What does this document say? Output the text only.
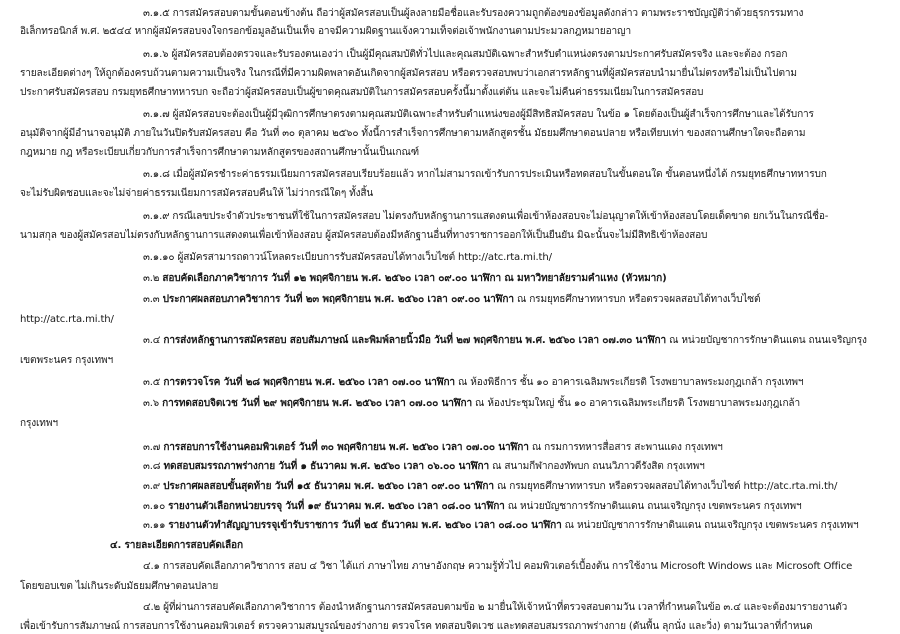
๓.๑.๕ การสมัครสอบตามขั้นตอนข้างต้น ถือว่าผู้สมัครสอบเป็นผู้ลงลายมือชื่อและรับรองความถูกต้องของข้อมูลดังกล่าว ตามพระราชบัญญัติว่าด้วยธุรกรรมทาง
อิเล็กทรอนิกส์ พ.ศ. ๒๕๔๔ หากผู้สมัครสอบจงใจกรอกข้อมูลอันเป็นเท็จ อาจมีความผิดฐานแจ้งความเท็จต่อเจ้าพนักงานตามประมวลกฎหมายอาญา
๓.๑.๖ ผู้สมัครสอบต้องตรวจและรับรองตนเองว่า เป็นผู้มีคุณสมบัติทั่วไปและคุณสมบัติเฉพาะสำหรับตำแหน่งตรงตามประกาศรับสมัครจริง และจะต้อง กรอก
รายละเอียดต่างๆ ให้ถูกต้องครบถ้วนตามความเป็นจริง ในกรณีที่มีความผิดพลาดอันเกิดจากผู้สมัครสอบ หรือตรวจสอบพบว่าเอกสารหลักฐานที่ผู้สมัครสอบนำมายื่นไม่ตรงหรือไม่เป็นไปตาม
ประกาศรับสมัครสอบ กรมยุทธศึกษาทหารบก จะถือว่าผู้สมัครสอบเป็นผู้ขาดคุณสมบัติในการสมัครสอบครั้งนี้มาตั้งแต่ต้น และจะไม่คืนค่าธรรมเนียมในการสมัครสอบ
๓.๑.๗ ผู้สมัครสอบจะต้องเป็นผู้มีวุฒิการศึกษาตรงตามคุณสมบัติเฉพาะสำหรับตำแหน่งของผู้มีสิทธิสมัครสอบ ในข้อ ๑ โดยต้องเป็นผู้สำเร็จการศึกษาและได้รับการ
อนุมัติจากผู้มีอำนาจอนุมัติ ภายในวันปิดรับสมัครสอบ คือ วันที่ ๓๐ ตุลาคม ๒๕๖๐ ทั้งนี้การสำเร็จการศึกษาตามหลักสูตรชั้น มัธยมศึกษาตอนปลาย หรือเทียบเท่า ของสถานศึกษาใดจะถือตาม
กฎหมาย กฎ หรือระเบียบเกี่ยวกับการสำเร็จการศึกษาตามหลักสูตรของสถานศึกษานั้นเป็นเกณฑ์
๓.๑.๘ เมื่อผู้สมัครชำระค่าธรรมเนียมการสมัครสอบเรียบร้อยแล้ว หากไม่สามารถเข้ารับการประเมินหรือทดสอบในขั้นตอนใด ขั้นตอนหนึ่งได้ กรมยุทธศึกษาทหารบก
จะไม่รับผิดชอบและจะไม่จ่ายค่าธรรมเนียมการสมัครสอบคืนให้ ไม่ว่ากรณีใดๆ ทั้งสิ้น
๓.๑.๙ กรณีเลขประจำตัวประชาชนที่ใช้ในการสมัครสอบ ไม่ตรงกับหลักฐานการแสดงตนเพื่อเข้าห้องสอบจะไม่อนุญาตให้เข้าห้องสอบโดยเด็ดขาด ยกเว้นในกรณีชื่อ-
นามสกุล ของผู้สมัครสอบไม่ตรงกับหลักฐานการแสดงตนเพื่อเข้าห้องสอบ ผู้สมัครสอบต้องมีหลักฐานอื่นที่ทางราชการออกให้เป็นยืนยัน มิฉะนั้นจะไม่มีสิทธิเข้าห้องสอบ
๓.๑.๑๐ ผู้สมัครสามารถดาวน์โหลดระเบียบการรับสมัครสอบได้ทางเว็บไซต์ http://atc.rta.mi.th/
๓.๒ สอบคัดเลือกภาควิชาการ วันที่ ๑๒ พฤศจิกายน พ.ศ. ๒๕๖๐ เวลา ๐๙.๐๐ นาฬิกา ณ มหาวิทยาลัยรามคำแหง (หัวหมาก)
๓.๓ ประกาศผลสอบภาควิชาการ วันที่ ๒๓ พฤศจิกายน พ.ศ. ๒๕๖๐ เวลา ๐๙.๐๐ นาฬิกา ณ กรมยุทธศึกษาทหารบก หรือตรวจผลสอบได้ทางเว็บไซต์
http://atc.rta.mi.th/
๓.๔ การส่งหลักฐานการสมัครสอบ สอบสัมภาษณ์ และพิมพ์ลายนิ้วมือ วันที่ ๒๗ พฤศจิกายน พ.ศ. ๒๕๖๐ เวลา ๐๗.๓๐ นาฬิกา ณ หน่วยบัญชาการรักษาดินแดน ถนนเจริญกรุง
เขตพระนคร กรุงเทพฯ
๓.๕ การตรวจโรค วันที่ ๒๘ พฤศจิกายน พ.ศ. ๒๕๖๐ เวลา ๐๗.๐๐ นาฬิกา ณ ห้องพิธีการ ชั้น ๑๐ อาคารเฉลิมพระเกียรติ โรงพยาบาลพระมงกุฎเกล้า กรุงเทพฯ
๓.๖ การทดสอบจิตเวช วันที่ ๒๙ พฤศจิกายน พ.ศ. ๒๕๖๐ เวลา ๐๗.๐๐ นาฬิกา ณ ห้องประชุมใหญ่ ชั้น ๑๐ อาคารเฉลิมพระเกียรติ โรงพยาบาลพระมงกุฎเกล้า
กรุงเทพฯ
๓.๗ การสอบการใช้งานคอมพิวเตอร์ วันที่ ๓๐ พฤศจิกายน พ.ศ. ๒๕๖๐ เวลา ๐๗.๐๐ นาฬิกา ณ กรมการทหารสื่อสาร สะพานแดง กรุงเทพฯ
๓.๘ ทดสอบสมรรถภาพร่างกาย วันที่ ๑ ธันวาคม พ.ศ. ๒๕๖๐ เวลา ๐๖.๐๐ นาฬิกา ณ สนามกีฬากองทัพบก ถนนวิภาวดีรังสิต กรุงเทพฯ
๓.๙ ประกาศผลสอบขั้นสุดท้าย วันที่ ๑๕ ธันวาคม พ.ศ. ๒๕๖๐ เวลา ๐๙.๐๐ นาฬิกา ณ กรมยุทธศึกษาทหารบก หรือตรวจผลสอบได้ทางเว็บไซต์ http://atc.rta.mi.th/
๓.๑๐ รายงานตัวเลือกหน่วยบรรจุ วันที่ ๑๙ ธันวาคม พ.ศ. ๒๕๖๐ เวลา ๐๘.๐๐ นาฬิกา ณ หน่วยบัญชาการรักษาดินแดน ถนนเจริญกรุง เขตพระนคร กรุงเทพฯ
๓.๑๑ รายงานตัวทำสัญญาบรรจุเข้ารับราชการ วันที่ ๒๕ ธันวาคม พ.ศ. ๒๕๖๐ เวลา ๐๘.๐๐ นาฬิกา ณ หน่วยบัญชาการรักษาดินแดน ถนนเจริญกรุง เขตพระนคร กรุงเทพฯ
๔. รายละเอียดการสอบคัดเลือก
๔.๑ การสอบคัดเลือกภาควิชาการ สอบ ๔ วิชา ได้แก่ ภาษาไทย ภาษาอังกฤษ ความรู้ทั่วไป คอมพิวเตอร์เบื้องต้น การใช้งาน Microsoft Windows และ Microsoft Office
โดยขอบเขต ไม่เกินระดับมัธยมศึกษาตอนปลาย
๔.๒ ผู้ที่ผ่านการสอบคัดเลือกภาควิชาการ ต้องนำหลักฐานการสมัครสอบตามข้อ ๒ มายื่นให้เจ้าหน้าที่ตรวจสอบตามวัน เวลาที่กำหนดในข้อ ๓.๔ และจะต้องมารายงานตัว
เพื่อเข้ารับการสัมภาษณ์ การสอบการใช้งานคอมพิวเตอร์ ตรวจความสมบูรณ์ของร่างกาย ตรวจโรค ทดสอบจิตเวช และทดสอบสมรรถภาพร่างกาย (ดันพื้น ลุกนั่ง และวิ่ง) ตามวันเวลาที่กำหนด
